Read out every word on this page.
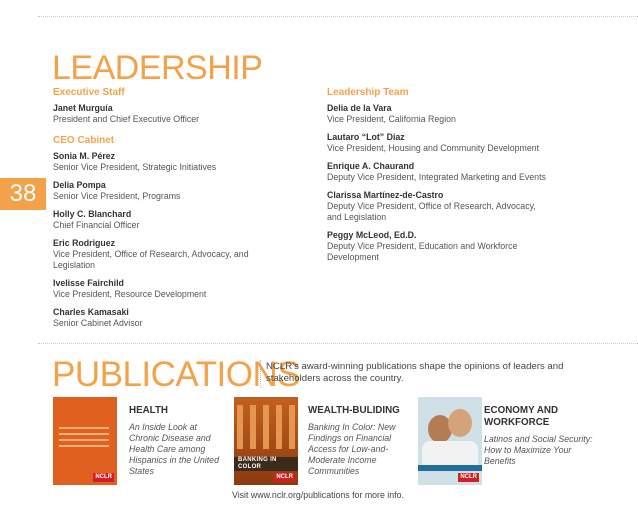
LEADERSHIP
38
Executive Staff
Janet Murguía
President and Chief Executive Officer
CEO Cabinet
Sonia M. Pérez
Senior Vice President, Strategic Initiatives
Delia Pompa
Senior Vice President, Programs
Holly C. Blanchard
Chief Financial Officer
Eric Rodriguez
Vice President, Office of Research, Advocacy, and Legislation
Ivelisse Fairchild
Vice President, Resource Development
Charles Kamasaki
Senior Cabinet Advisor
Leadership Team
Delia de la Vara
Vice President, California Region
Lautaro “Lot” Diaz
Vice President, Housing and Community Development
Enrique A. Chaurand
Deputy Vice President, Integrated Marketing and Events
Clarissa Martínez-de-Castro
Deputy Vice President, Office of Research, Advocacy, and Legislation
Peggy McLeod, Ed.D.
Deputy Vice President, Education and Workforce Development
PUBLICATIONS
NCLR’s award-winning publications shape the opinions of leaders and stakeholders across the country.
NCLR
HEALTH
An Inside Look at Chronic Disease and Health Care among Hispanics in the United States
BANKING IN COLOR
NCLR
WEALTH-BULIDING
Banking In Color: New Findings on Financial Access for Low-and-Moderate Income Communities
NCLR
ECONOMY AND WORKFORCE
Latinos and Social Security: How to Maximize Your Benefits
Visit www.nclr.org/publications for more info.
